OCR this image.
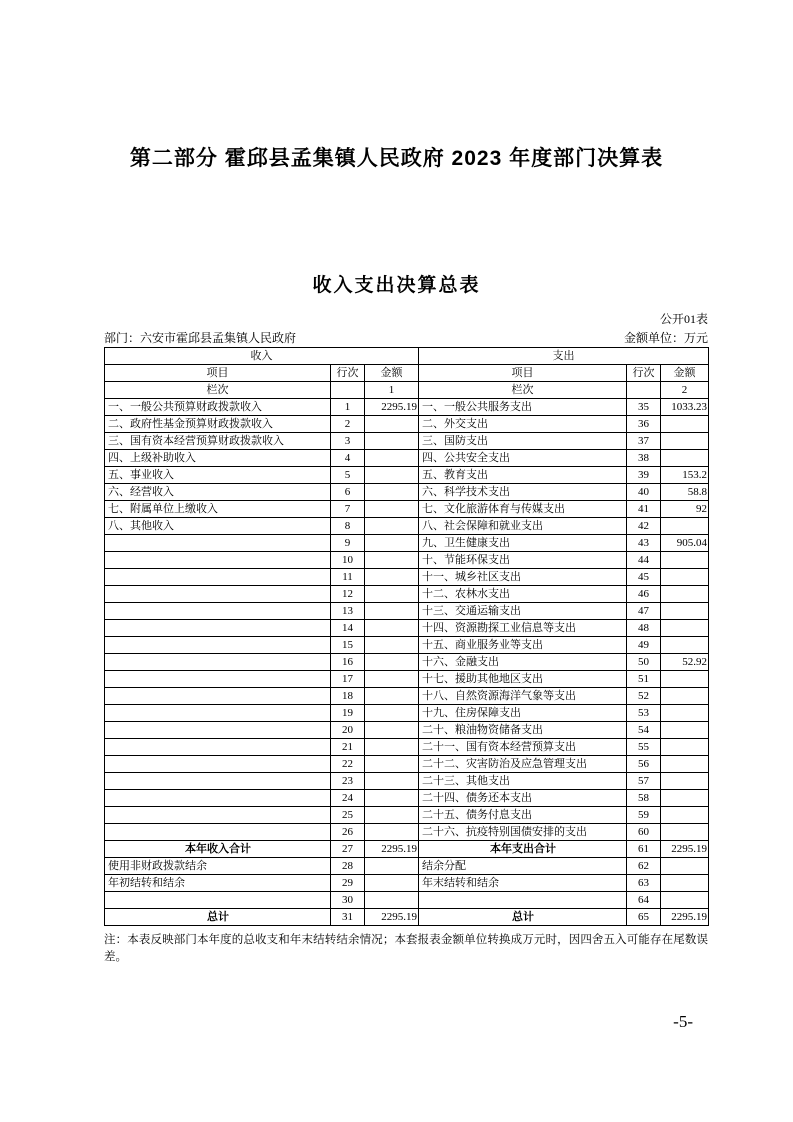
第二部分 霍邱县孟集镇人民政府 2023 年度部门决算表
收入支出决算总表
公开01表
部门：六安市霍邱县孟集镇人民政府	金额单位：万元
收入			支出		
项目	行次	金额	项目	行次	金额
栏次		1	栏次		2
一、一般公共预算财政拨款收入	1	2295.19	一、一般公共服务支出	35	1033.23
二、政府性基金预算财政拨款收入	2		二、外交支出	36	
三、国有资本经营预算财政拨款收入	3		三、国防支出	37	
四、上级补助收入	4		四、公共安全支出	38	
五、事业收入	5		五、教育支出	39	153.2
六、经营收入	6		六、科学技术支出	40	58.8
七、附属单位上缴收入	7		七、文化旅游体育与传媒支出	41	92
八、其他收入	8		八、社会保障和就业支出	42	
	9		九、卫生健康支出	43	905.04
	10		十、节能环保支出	44	
	11		十一、城乡社区支出	45	
	12		十二、农林水支出	46	
	13		十三、交通运输支出	47	
	14		十四、资源勘探工业信息等支出	48	
	15		十五、商业服务业等支出	49	
	16		十六、金融支出	50	52.92
	17		十七、援助其他地区支出	51	
	18		十八、自然资源海洋气象等支出	52	
	19		十九、住房保障支出	53	
	20		二十、粮油物资储备支出	54	
	21		二十一、国有资本经营预算支出	55	
	22		二十二、灾害防治及应急管理支出	56	
	23		二十三、其他支出	57	
	24		二十四、债务还本支出	58	
	25		二十五、债务付息支出	59	
	26		二十六、抗疫特别国债安排的支出	60	
本年收入合计	27	2295.19	本年支出合计	61	2295.19
使用非财政拨款结余	28		结余分配	62	
年初结转和结余	29		年末结转和结余	63	
	30			64	
总计	31	2295.19	总计	65	2295.19
注：本表反映部门本年度的总收支和年末结转结余情况；本套报表金额单位转换成万元时，因四舍五入可能存在尾数误差。
-5-
